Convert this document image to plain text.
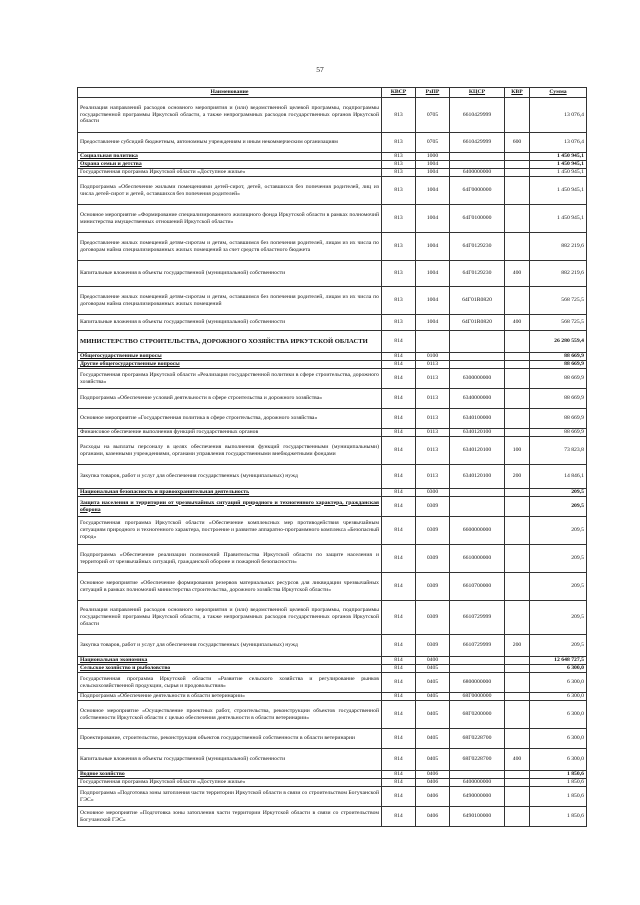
57
Наименование	КВСР	РзПР	КЦСР	КВР	Сумма
Реализация направлений расходов основного мероприятия и (или) ведомственной целевой программы, подпрограммы государственной программы Иркутской области, а также непрограммных расходов государственных органов Иркутской области	813	0705	6610429999		13 076,4
Предоставление субсидий бюджетным, автономным учреждениям и иным некоммерческим организациям	813	0705	6610429999	600	13 076,4
Социальная политика	813	1000			1 450 945,1
Охрана семьи и детства	813	1004			1 450 945,1
Государственная программа Иркутской области «Доступное жилье»	813	1004	6400000000		1 450 945,1
Подпрограмма «Обеспечение жилыми помещениями детей-сирот, детей, оставшихся без попечения родителей, лиц из числа детей-сирот и детей, оставшихся без попечения родителей»	813	1004	64Г0000000		1 450 945,1
Основное мероприятие «Формирование специализированного жилищного фонда Иркутской области в рамках полномочий министерства имущественных отношений Иркутской области»	813	1004	64Г0100000		1 450 945,1
Предоставление жилых помещений детям-сиротам и детям, оставшимся без попечения родителей, лицам из их числа по договорам найма специализированных жилых помещений за счет средств областного бюджета	813	1004	64Г0129230		882 219,6
Капитальные вложения в объекты государственной (муниципальной) собственности	813	1004	64Г0129230	400	882 219,6
Предоставление жилых помещений детям-сиротам и детям, оставшимся без попечения родителей, лицам из их числа по договорам найма специализированных жилых помещений	813	1004	64Г01R0820		568 725,5
Капитальные вложения в объекты государственной (муниципальной) собственности	813	1004	64Г01R0820	400	568 725,5
МИНИСТЕРСТВО СТРОИТЕЛЬСТВА, ДОРОЖНОГО ХОЗЯЙСТВА ИРКУТСКОЙ ОБЛАСТИ	814				26 280 559,4
Общегосударственные вопросы	814	0100			88 669,9
Другие общегосударственные вопросы	814	0113			88 669,9
Государственная программа Иркутской области «Реализация государственной политики в сфере строительства, дорожного хозяйства»	814	0113	6300000000		88 669,9
Подпрограмма «Обеспечение условий деятельности в сфере строительства и дорожного хозяйства»	814	0113	6340000000		88 669,9
Основное мероприятие «Государственная политика в сфере строительства, дорожного хозяйства»	814	0113	6340100000		88 669,9
Финансовое обеспечение выполнения функций государственных органов	814	0113	6340120100		88 669,9
Расходы на выплаты персоналу в целях обеспечения выполнения функций государственными (муниципальными) органами, казенными учреждениями, органами управления государственными внебюджетными фондами	814	0113	6340120100	100	73 823,8
Закупка товаров, работ и услуг для обеспечения государственных (муниципальных) нужд	814	0113	6340120100	200	14 846,1
Национальная безопасность и правоохранительная деятельность	814	0300			209,5
Защита населения и территории от чрезвычайных ситуаций природного и техногенного характера, гражданская оборона	814	0309			209,5
Государственная программа Иркутской области «Обеспечение комплексных мер противодействия чрезвычайным ситуациям природного и техногенного характера, построение и развитие аппаратно-программного комплекса «Безопасный город»	814	0309	6600000000		209,5
Подпрограмма «Обеспечение реализации полномочий Правительства Иркутской области по защите населения и территорий от чрезвычайных ситуаций, гражданской обороне и пожарной безопасности»	814	0309	6610000000		209,5
Основное мероприятие «Обеспечение формирования резервов материальных ресурсов для ликвидации чрезвычайных ситуаций в рамках полномочий министерства строительства, дорожного хозяйства Иркутской области»	814	0309	6610700000		209,5
Реализация направлений расходов основного мероприятия и (или) ведомственной целевой программы, подпрограммы государственной программы Иркутской области, а также непрограммных расходов государственных органов Иркутской области	814	0309	6610729999		209,5
Закупка товаров, работ и услуг для обеспечения государственных (муниципальных) нужд	814	0309	6610729999	200	209,5
Национальная экономика	814	0400			12 648 727,5
Сельское хозяйство и рыболовство	814	0405			6 300,0
Государственная программа Иркутской области «Развитие сельского хозяйства и регулирование рынков сельскохозяйственной продукции, сырья и продовольствия»	814	0405	6800000000		6 300,0
Подпрограмма «Обеспечение деятельности в области ветеринарии»	814	0405	68Г0000000		6 300,0
Основное мероприятие «Осуществление проектных работ, строительства, реконструкции объектов государственной собственности Иркутской области с целью обеспечения деятельности в области ветеринарии»	814	0405	68Г0200000		6 300,0
Проектирование, строительство, реконструкция объектов государственной собственности в области ветеринарии	814	0405	68Г0228700		6 300,0
Капитальные вложения в объекты государственной (муниципальной) собственности	814	0405	68Г0228700	400	6 300,0
Водное хозяйство	814	0406			1 850,6
Государственная программа Иркутской области «Доступное жилье»	814	0406	6400000000		1 850,6
Подпрограмма «Подготовка зоны затопления части территории Иркутской области в связи со строительством Богучанской ГЭС»	814	0406	6490000000		1 850,6
Основное мероприятие «Подготовка зоны затопления части территории Иркутской области в связи со строительством Богучанской ГЭС»	814	0406	6490100000		1 850,6
